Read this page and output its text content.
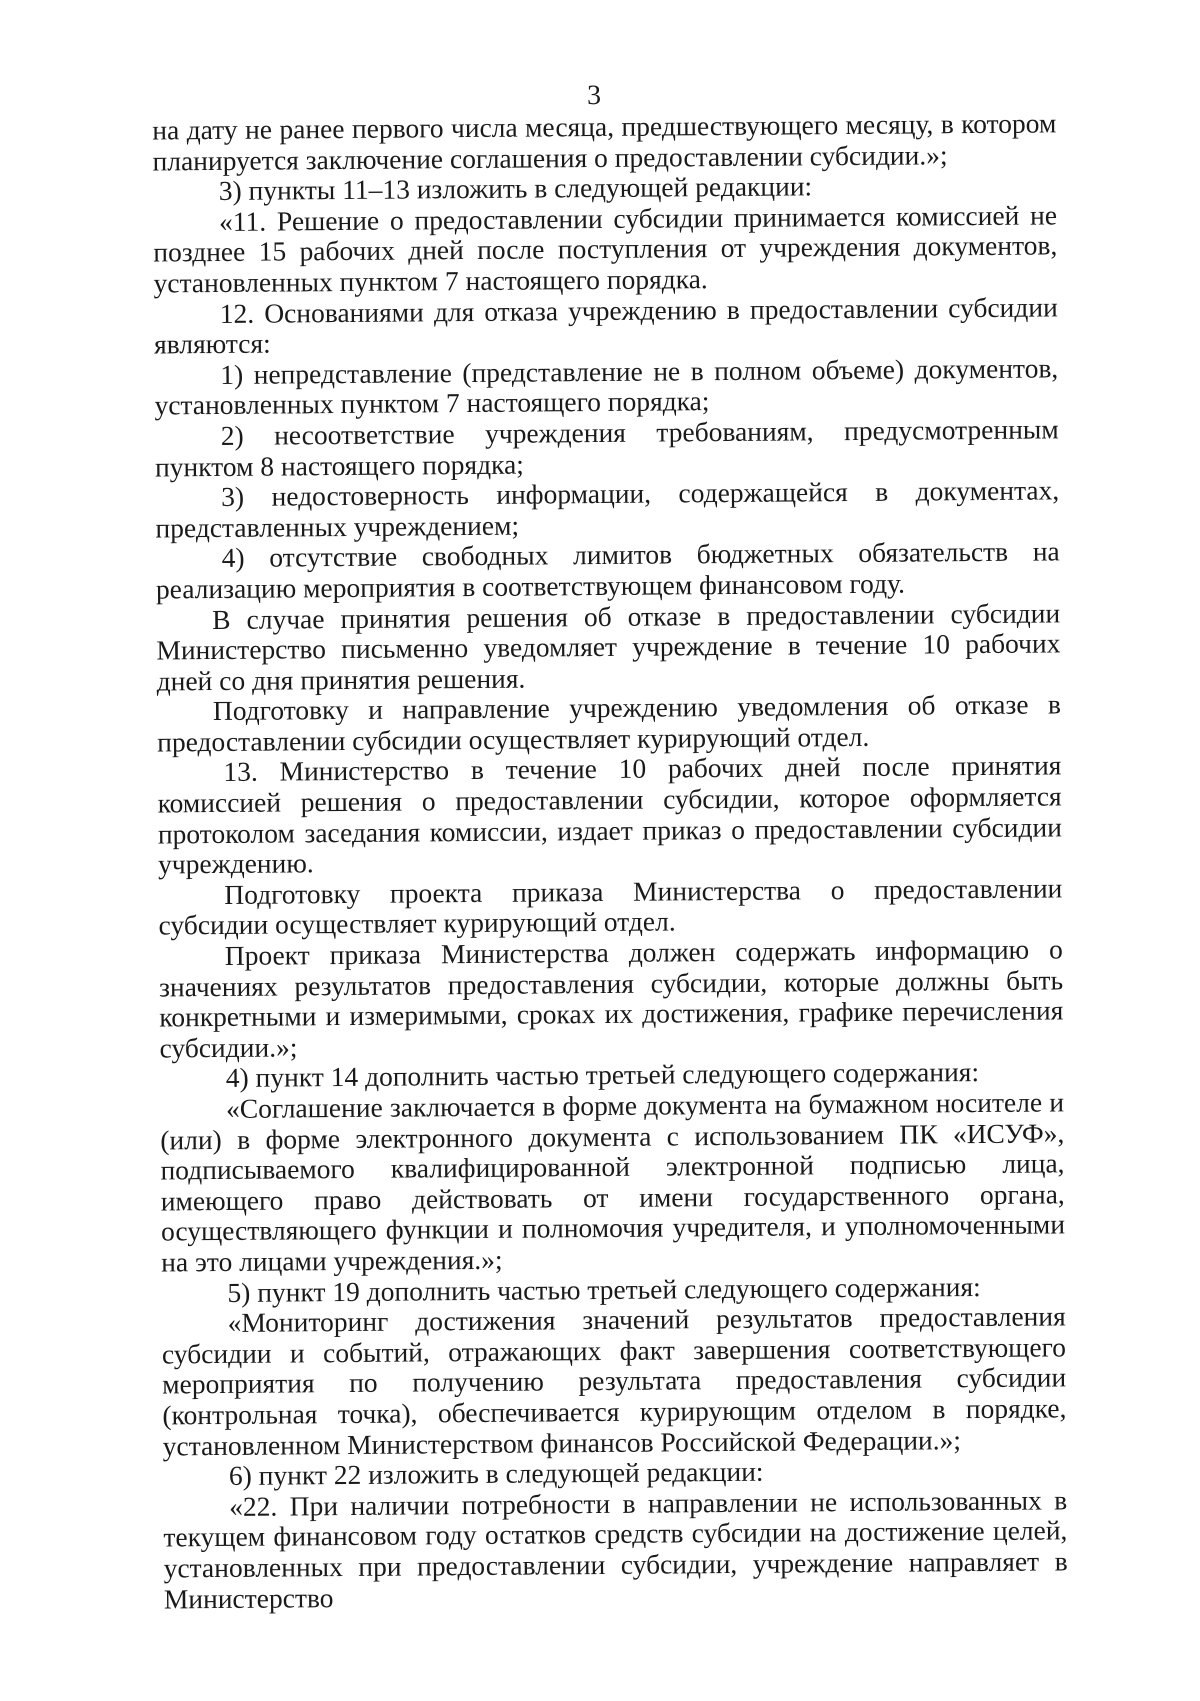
3

на дату не ранее первого числа месяца, предшествующего месяцу, в котором планируется заключение соглашения о предоставлении субсидии.»;

3) пункты 11–13 изложить в следующей редакции:

«11. Решение о предоставлении субсидии принимается комиссией не позднее 15 рабочих дней после поступления от учреждения документов, установленных пунктом 7 настоящего порядка.

12. Основаниями для отказа учреждению в предоставлении субсидии являются:

1) непредставление (представление не в полном объеме) документов, установленных пунктом 7 настоящего порядка;

2) несоответствие учреждения требованиям, предусмотренным пунктом 8 настоящего порядка;

3) недостоверность информации, содержащейся в документах, представленных учреждением;

4) отсутствие свободных лимитов бюджетных обязательств на реализацию мероприятия в соответствующем финансовом году.

В случае принятия решения об отказе в предоставлении субсидии Министерство письменно уведомляет учреждение в течение 10 рабочих дней со дня принятия решения.

Подготовку и направление учреждению уведомления об отказе в предоставлении субсидии осуществляет курирующий отдел.

13. Министерство в течение 10 рабочих дней после принятия комиссией решения о предоставлении субсидии, которое оформляется протоколом заседания комиссии, издает приказ о предоставлении субсидии учреждению.

Подготовку проекта приказа Министерства о предоставлении субсидии осуществляет курирующий отдел.

Проект приказа Министерства должен содержать информацию о значениях результатов предоставления субсидии, которые должны быть конкретными и измеримыми, сроках их достижения, графике перечисления субсидии.»;

4) пункт 14 дополнить частью третьей следующего содержания:

«Соглашение заключается в форме документа на бумажном носителе и (или) в форме электронного документа с использованием ПК «ИСУФ», подписываемого квалифицированной электронной подписью лица, имеющего право действовать от имени государственного органа, осуществляющего функции и полномочия учредителя, и уполномоченными на это лицами учреждения.»;

5) пункт 19 дополнить частью третьей следующего содержания:

«Мониторинг достижения значений результатов предоставления субсидии и событий, отражающих факт завершения соответствующего мероприятия по получению результата предоставления субсидии (контрольная точка), обеспечивается курирующим отделом в порядке, установленном Министерством финансов Российской Федерации.»;

6) пункт 22 изложить в следующей редакции:

«22. При наличии потребности в направлении не использованных в текущем финансовом году остатков средств субсидии на достижение целей, установленных при предоставлении субсидии, учреждение направляет в Министерство
